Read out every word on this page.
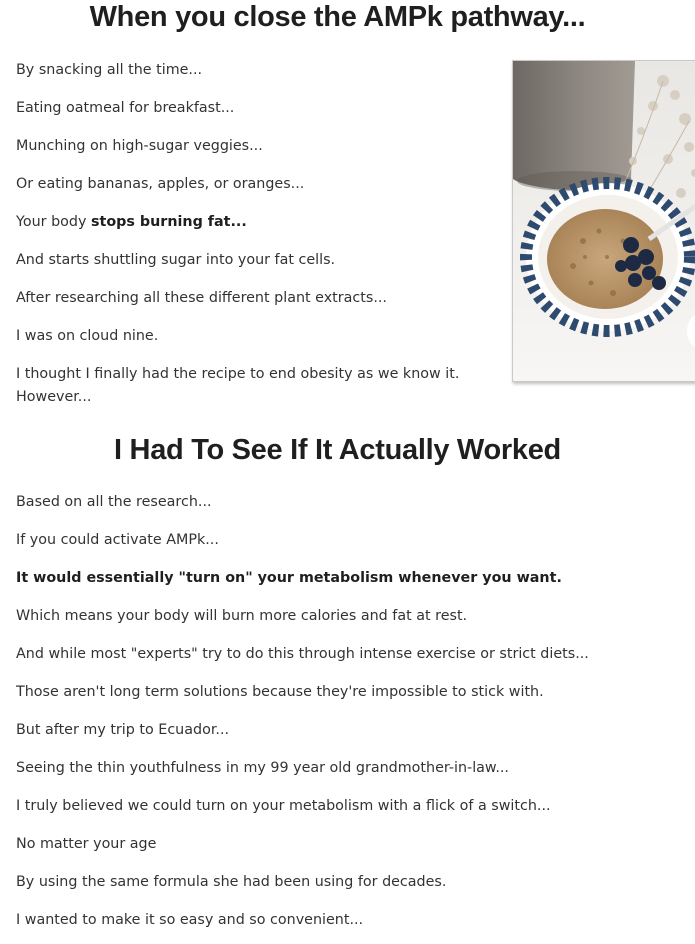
When you close the AMPk pathway...

By snacking all the time...

Eating oatmeal for breakfast...

Munching on high-sugar veggies...

Or eating bananas, apples, or oranges...

Your body stops burning fat...

And starts shuttling sugar into your fat cells.

After researching all these different plant extracts...

I was on cloud nine.

I thought I finally had the recipe to end obesity as we know it.

However...

I Had To See If It Actually Worked

Based on all the research...

If you could activate AMPk...

It would essentially "turn on" your metabolism whenever you want.

Which means your body will burn more calories and fat at rest.

And while most "experts" try to do this through intense exercise or strict diets...

Those aren't long term solutions because they're impossible to stick with.

But after my trip to Ecuador...

Seeing the thin youthfulness in my 99 year old grandmother-in-law...

I truly believed we could turn on your metabolism with a flick of a switch...

No matter your age

By using the same formula she had been using for decades.

I wanted to make it so easy and so convenient...
